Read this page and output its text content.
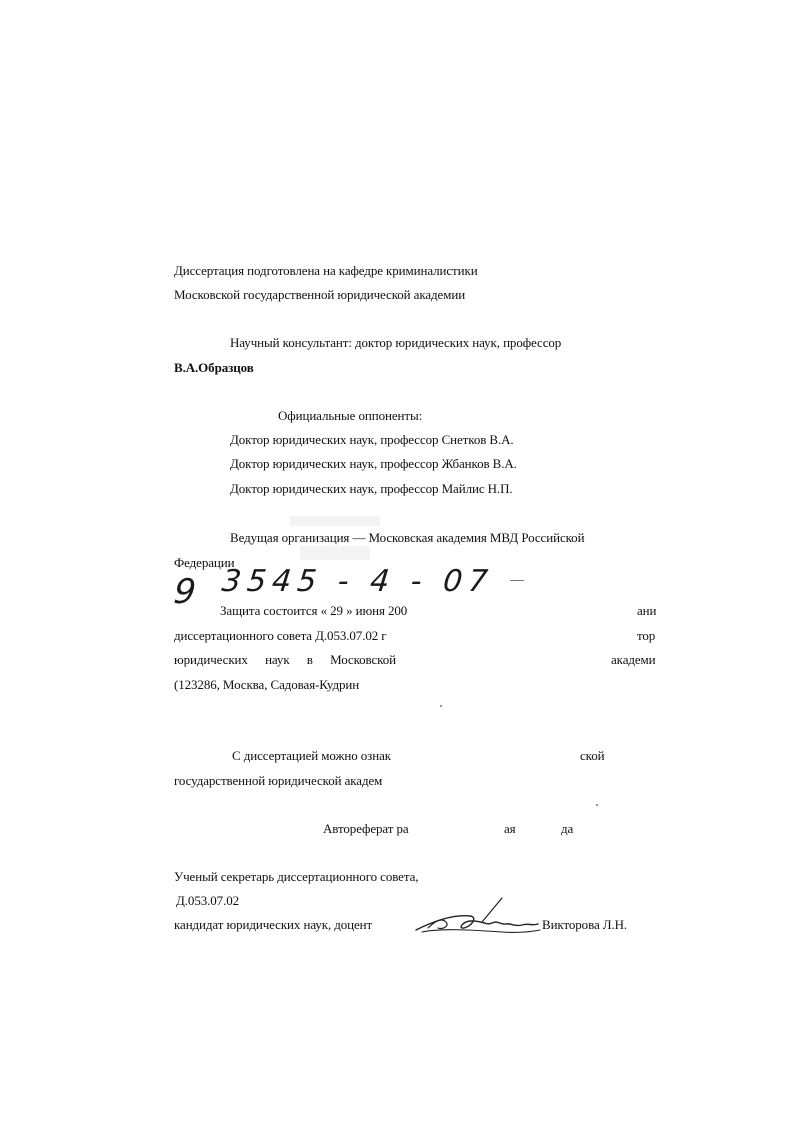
Диссертация подготовлена на кафедре криминалистики
Московской государственной юридической академии
Научный консультант: доктор юридических наук, профессор
В.А.Образцов
Официальные оппоненты:
Доктор юридических наук, профессор Снетков В.А.
Доктор юридических наук, профессор Жбанков В.А.
Доктор юридических наук, профессор Майлис Н.П.
Ведущая организация — Московская академия МВД Российской
Федерации
9 3545 - 4 - 07
Защита состоится « 29 » июня 200	ани
диссертационного совета Д.053.07.02 г	тор
юридических наук в Московской	академи
(123286, Москва, Садовая-Кудрин
С диссертацией можно ознак	ской
государственной юридической академ
Автореферат ра	ая	да
Ученый секретарь диссертационного совета,
Д.053.07.02
кандидат юридических наук, доцент	Викторова Л.Н.
